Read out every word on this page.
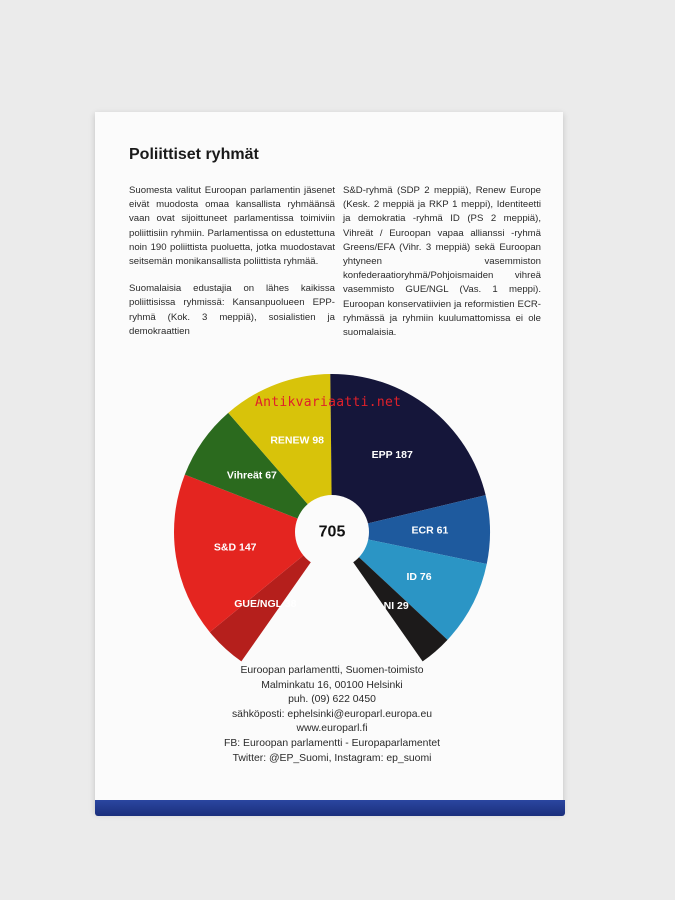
Poliittiset ryhmät

Suomesta valitut Euroopan parlamentin jäsenet eivät muodosta omaa kansallista ryhmäänsä vaan ovat sijoittuneet parlamentissa toimiviin poliittisiin ryhmiin. Parlamentissa on edustettuna noin 190 poliittista puoluetta, jotka muodostavat seitsemän monikansallista poliittista ryhmää.

Suomalaisia edustajia on lähes kaikissa poliittisissa ryhmissä: Kansanpuolueen EPP-ryhmä (Kok. 3 meppiä), sosialistien ja demokraattien

S&D-ryhmä (SDP 2 meppiä), Renew Europe (Kesk. 2 meppiä ja RKP 1 meppi), Identiteetti ja demokratia -ryhmä ID (PS 2 meppiä), Vihreät / Euroopan vapaa allianssi -ryhmä Greens/EFA (Vihr. 3 meppiä) sekä Euroopan yhtyneen vasemmiston konfederaatioryhmä/Pohjoismaiden vihreä vasemmisto GUE/NGL (Vas. 1 meppi). Euroopan konservatiivien ja reformistien ECR-ryhmässä ja ryhmiin kuulumattomissa ei ole suomalaisia.

GUE/NGL 38
S&D 147
Vihreät 67
RENEW 98
EPP 187
ECR 61
ID 76
NI 29
705
Antikvariaatti.net
Euroopan parlamentti, Suomen-toimisto
Malminkatu 16, 00100 Helsinki
puh. (09) 622 0450
sähköposti: ephelsinki@europarl.europa.eu
www.europarl.fi
FB: Euroopan parlamentti - Europaparlamentet
Twitter: @EP_Suomi, Instagram: ep_suomi
